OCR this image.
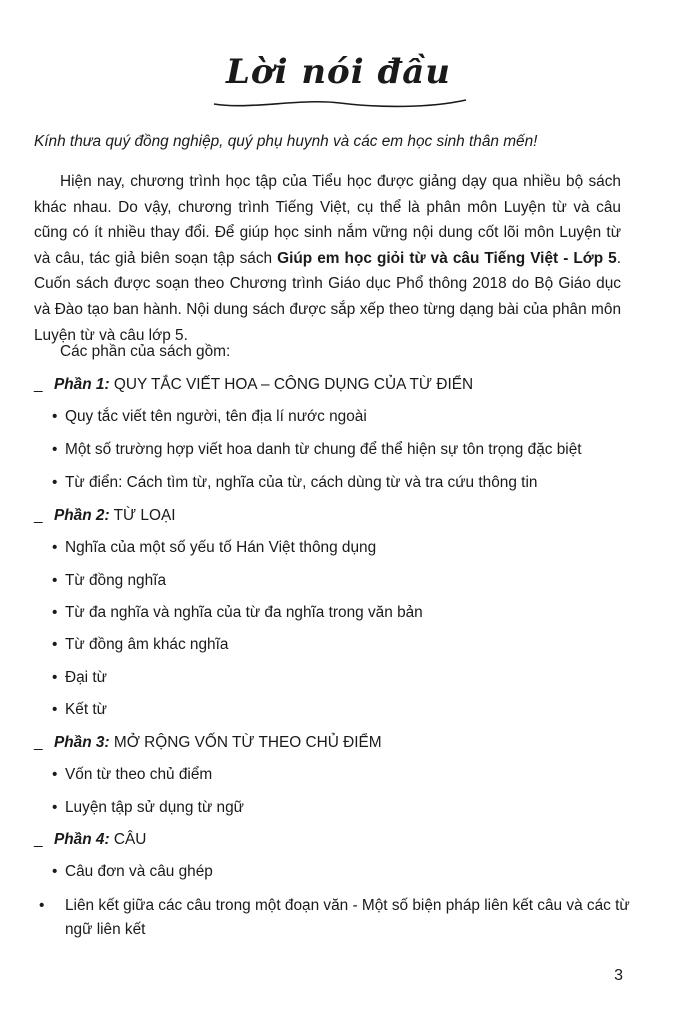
Lời nói đầu
Kính thưa quý đồng nghiệp, quý phụ huynh và các em học sinh thân mến!

Hiện nay, chương trình học tập của Tiểu học được giảng dạy qua nhiều bộ sách khác nhau. Do vậy, chương trình Tiếng Việt, cụ thể là phân môn Luyện từ và câu cũng có ít nhiều thay đổi. Để giúp học sinh nắm vững nội dung cốt lõi môn Luyện từ và câu, tác giả biên soạn tập sách Giúp em học giỏi từ và câu Tiếng Việt - Lớp 5. Cuốn sách được soạn theo Chương trình Giáo dục Phổ thông 2018 do Bộ Giáo dục và Đào tạo ban hành. Nội dung sách được sắp xếp theo từng dạng bài của phân môn Luyện từ và câu lớp 5.

Các phần của sách gồm:
_ Phần 1: QUY TẮC VIẾT HOA – CÔNG DỤNG CỦA TỪ ĐIỂN
• Quy tắc viết tên người, tên địa lí nước ngoài
• Một số trường hợp viết hoa danh từ chung để thể hiện sự tôn trọng đặc biệt
• Từ điển: Cách tìm từ, nghĩa của từ, cách dùng từ và tra cứu thông tin
_ Phần 2: TỪ LOẠI
• Nghĩa của một số yếu tố Hán Việt thông dụng
• Từ đồng nghĩa
• Từ đa nghĩa và nghĩa của từ đa nghĩa trong văn bản
• Từ đồng âm khác nghĩa
• Đại từ
• Kết từ
_ Phần 3: MỞ RỘNG VỐN TỪ THEO CHỦ ĐIỂM
• Vốn từ theo chủ điểm
• Luyện tập sử dụng từ ngữ
_ Phần 4: CÂU
• Câu đơn và câu ghép
• Liên kết giữa các câu trong một đoạn văn - Một số biện pháp liên kết câu và các từ ngữ liên kết
3
